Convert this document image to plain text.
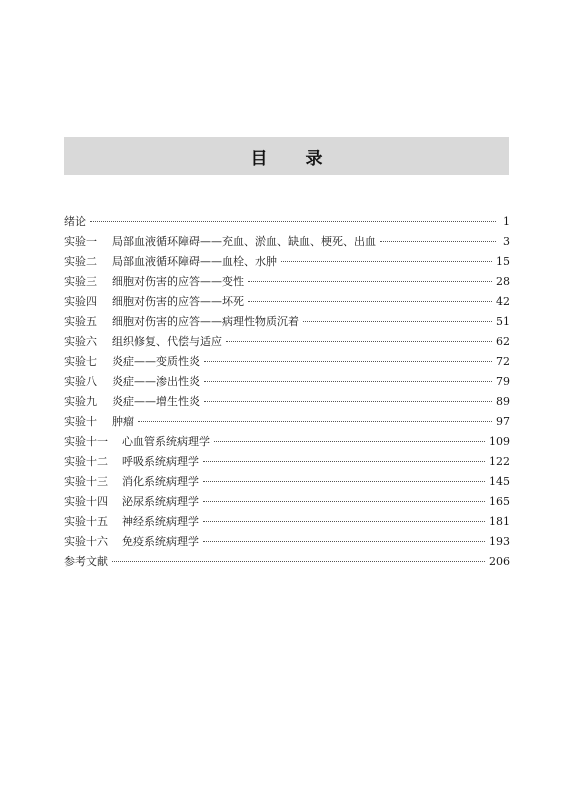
目录
绪论	1
实验一 局部血液循环障碍——充血、淤血、缺血、梗死、出血	3
实验二 局部血液循环障碍——血栓、水肿	15
实验三 细胞对伤害的应答——变性	28
实验四 细胞对伤害的应答——坏死	42
实验五 细胞对伤害的应答——病理性物质沉着	51
实验六 组织修复、代偿与适应	62
实验七 炎症——变质性炎	72
实验八 炎症——渗出性炎	79
实验九 炎症——增生性炎	89
实验十 肿瘤	97
实验十一 心血管系统病理学	109
实验十二 呼吸系统病理学	122
实验十三 消化系统病理学	145
实验十四 泌尿系统病理学	165
实验十五 神经系统病理学	181
实验十六 免疫系统病理学	193
参考文献	206
